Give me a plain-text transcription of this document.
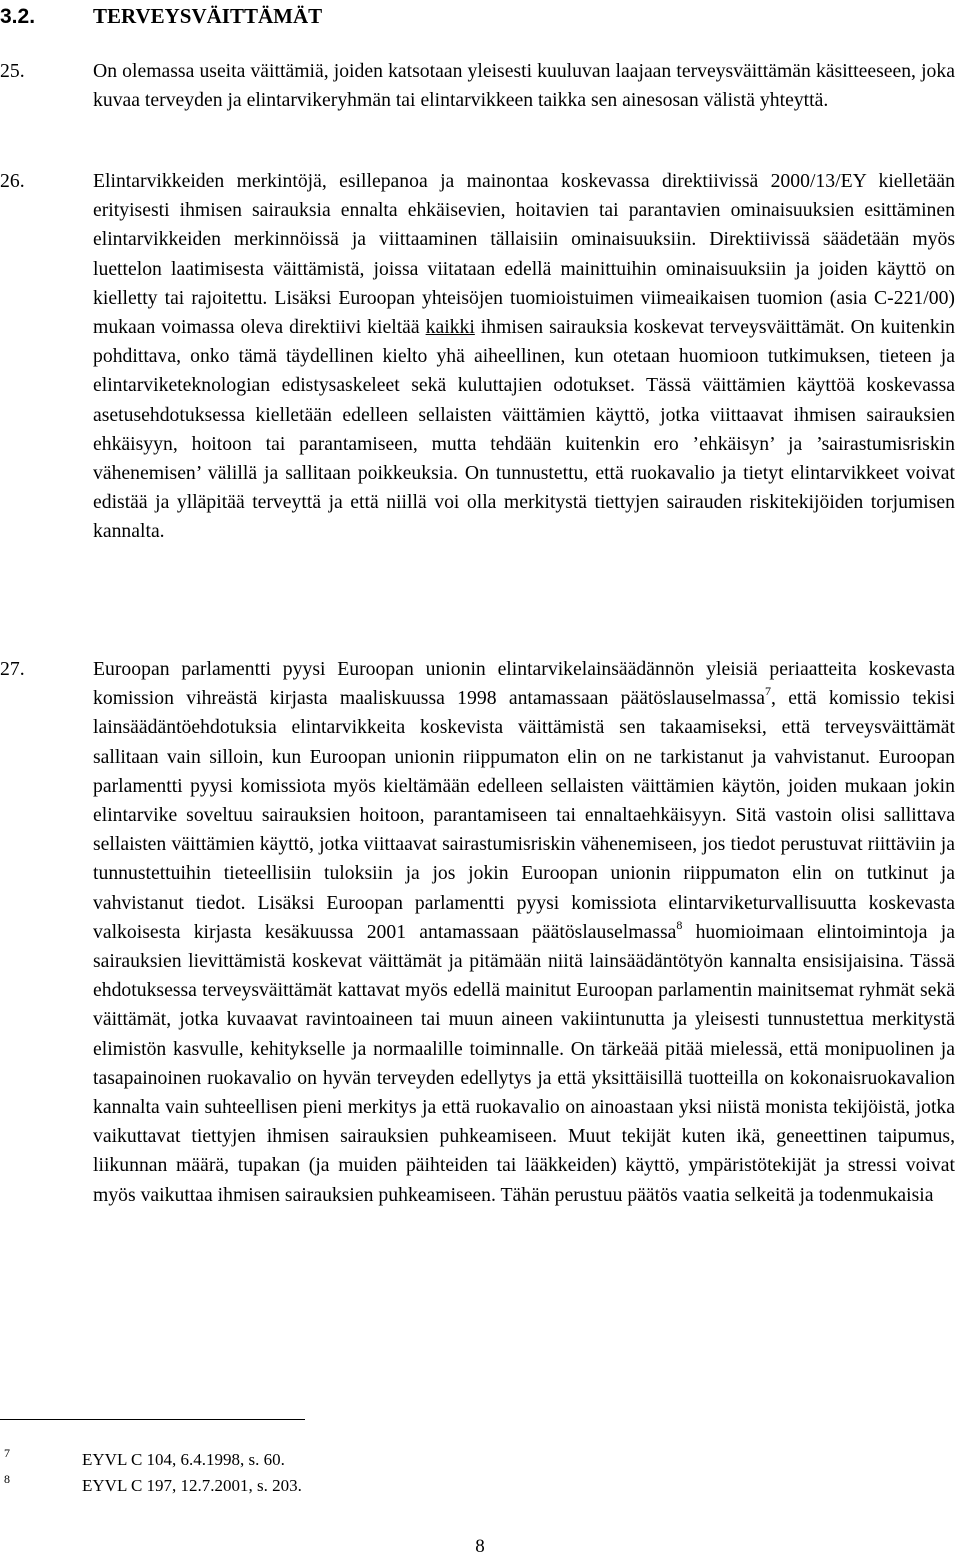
3.2.	TERVEYSVÄITTÄMÄT
25.	On olemassa useita väittämiä, joiden katsotaan yleisesti kuuluvan laajaan terveysväittämän käsitteeseen, joka kuvaa terveyden ja elintarvikeryhmän tai elintarvikkeen taikka sen ainesosan välistä yhteyttä.
26.	Elintarvikkeiden merkintöjä, esillepanoa ja mainontaa koskevassa direktiivissä 2000/13/EY kielletään erityisesti ihmisen sairauksia ennalta ehkäisevien, hoitavien tai parantavien ominaisuuksien esittäminen elintarvikkeiden merkinnöissä ja viittaaminen tällaisiin ominaisuuksiin. Direktiivissä säädetään myös luettelon laatimisesta väittämistä, joissa viitataan edellä mainittuihin ominaisuuksiin ja joiden käyttö on kielletty tai rajoitettu. Lisäksi Euroopan yhteisöjen tuomioistuimen viimeaikaisen tuomion (asia C-221/00) mukaan voimassa oleva direktiivi kieltää kaikki ihmisen sairauksia koskevat terveysväittämät. On kuitenkin pohdittava, onko tämä täydellinen kielto yhä aiheellinen, kun otetaan huomioon tutkimuksen, tieteen ja elintarviketeknologian edistysaskeleet sekä kuluttajien odotukset. Tässä väittämien käyttöä koskevassa asetusehdotuksessa kielletään edelleen sellaisten väittämien käyttö, jotka viittaavat ihmisen sairauksien ehkäisyyn, hoitoon tai parantamiseen, mutta tehdään kuitenkin ero ’ehkäisyn’ ja ’sairastumisriskin vähenemisen’ välillä ja sallitaan poikkeuksia. On tunnustettu, että ruokavalio ja tietyt elintarvikkeet voivat edistää ja ylläpitää terveyttä ja että niillä voi olla merkitystä tiettyjen sairauden riskitekijöiden torjumisen kannalta.
27.	Euroopan parlamentti pyysi Euroopan unionin elintarvikelainsäädännön yleisiä periaatteita koskevasta komission vihreästä kirjasta maaliskuussa 1998 antamassaan päätöslauselmassa$^7$, että komissio tekisi lainsäädäntöehdotuksia elintarvikkeita koskevista väittämistä sen takaamiseksi, että terveysväittämät sallitaan vain silloin, kun Euroopan unionin riippumaton elin on ne tarkistanut ja vahvistanut. Euroopan parlamentti pyysi komissiota myös kieltämään edelleen sellaisten väittämien käytön, joiden mukaan jokin elintarvike soveltuu sairauksien hoitoon, parantamiseen tai ennaltaehkäisyyn. Sitä vastoin olisi sallittava sellaisten väittämien käyttö, jotka viittaavat sairastumisriskin vähenemiseen, jos tiedot perustuvat riittäviin ja tunnustettuihin tieteellisiin tuloksiin ja jos jokin Euroopan unionin riippumaton elin on tutkinut ja vahvistanut tiedot. Lisäksi Euroopan parlamentti pyysi komissiota elintarviketurvallisuutta koskevasta valkoisesta kirjasta kesäkuussa 2001 antamassaan päätöslauselmassa$^8$ huomioimaan elintoimintoja ja sairauksien lievittämistä koskevat väittämät ja pitämään niitä lainsäädäntötyön kannalta ensisijaisina. Tässä ehdotuksessa terveysväittämät kattavat myös edellä mainitut Euroopan parlamentin mainitsemat ryhmät sekä väittämät, jotka kuvaavat ravintoaineen tai muun aineen vakiintunutta ja yleisesti tunnustettua merkitystä elimistön kasvulle, kehitykselle ja normaalille toiminnalle. On tärkeää pitää mielessä, että monipuolinen ja tasapainoinen ruokavalio on hyvän terveyden edellytys ja että yksittäisillä tuotteilla on kokonaisruokavalion kannalta vain suhteellisen pieni merkitys ja että ruokavalio on ainoastaan yksi niistä monista tekijöistä, jotka vaikuttavat tiettyjen ihmisen sairauksien puhkeamiseen. Muut tekijät kuten ikä, geneettinen taipumus, liikunnan määrä, tupakan (ja muiden päihteiden tai lääkkeiden) käyttö, ympäristötekijät ja stressi voivat myös vaikuttaa ihmisen sairauksien puhkeamiseen. Tähän perustuu päätös vaatia selkeitä ja todenmukaisia
7	EYVL C 104, 6.4.1998, s. 60.
8	EYVL C 197, 12.7.2001, s. 203.
8
